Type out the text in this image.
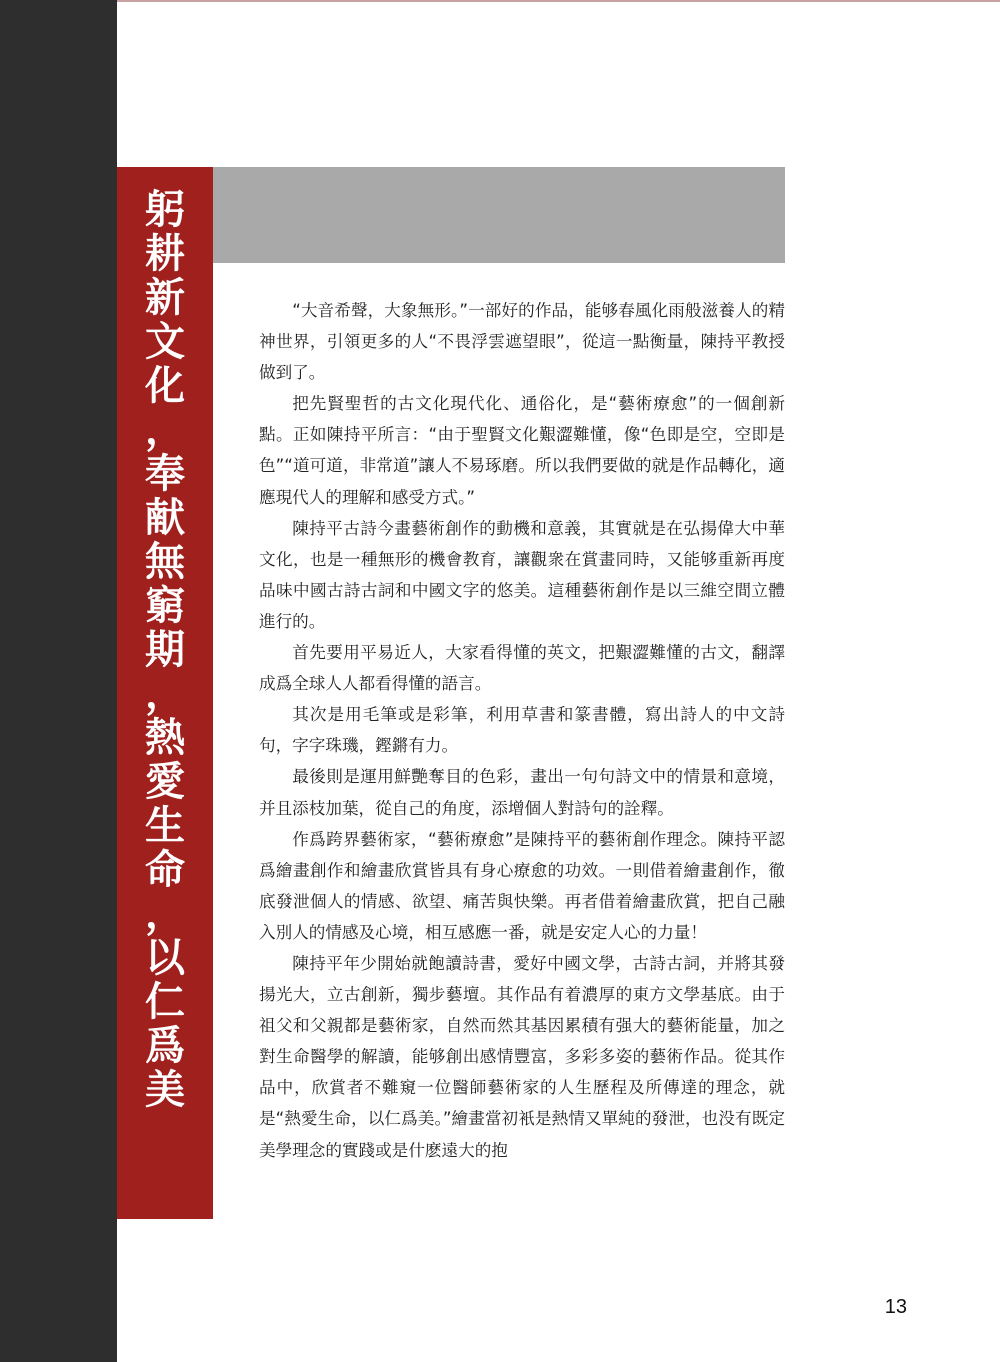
躬
耕
新
文
化
，
奉
献
無
窮
期
，
熱
愛
生
命
，
以
仁
爲
美

“大音希聲，大象無形。”一部好的作品，能够春風化雨般滋養人的精神世界，引領更多的人“不畏浮雲遮望眼”，從這一點衡量，陳持平教授做到了。

把先賢聖哲的古文化現代化、通俗化，是“藝術療愈”的一個創新點。正如陳持平所言：“由于聖賢文化艱澀難懂，像“色即是空，空即是色”“道可道，非常道”讓人不易琢磨。所以我們要做的就是作品轉化，適應現代人的理解和感受方式。”

陳持平古詩今畫藝術創作的動機和意義，其實就是在弘揚偉大中華文化，也是一種無形的機會教育，讓觀衆在賞畫同時，又能够重新再度品味中國古詩古詞和中國文字的悠美。這種藝術創作是以三維空間立體進行的。

首先要用平易近人，大家看得懂的英文，把艱澀難懂的古文，翻譯成爲全球人人都看得懂的語言。

其次是用毛筆或是彩筆，利用草書和篆書體，寫出詩人的中文詩句，字字珠璣，鏗鏘有力。

最後則是運用鮮艷奪目的色彩，畫出一句句詩文中的情景和意境，并且添枝加葉，從自己的角度，添增個人對詩句的詮釋。

作爲跨界藝術家，“藝術療愈”是陳持平的藝術創作理念。陳持平認爲繪畫創作和繪畫欣賞皆具有身心療愈的功效。一則借着繪畫創作，徹底發泄個人的情感、欲望、痛苦與快樂。再者借着繪畫欣賞，把自己融入別人的情感及心境，相互感應一番，就是安定人心的力量！

陳持平年少開始就飽讀詩書，愛好中國文學，古詩古詞，并將其發揚光大，立古創新，獨步藝壇。其作品有着濃厚的東方文學基底。由于祖父和父親都是藝術家，自然而然其基因累積有强大的藝術能量，加之對生命醫學的解讀，能够創出感情豐富，多彩多姿的藝術作品。從其作品中，欣賞者不難窺一位醫師藝術家的人生歷程及所傳達的理念，就是“熱愛生命，以仁爲美。”繪畫當初衹是熱情又單純的發泄，也没有既定美學理念的實踐或是什麽遠大的抱

13
